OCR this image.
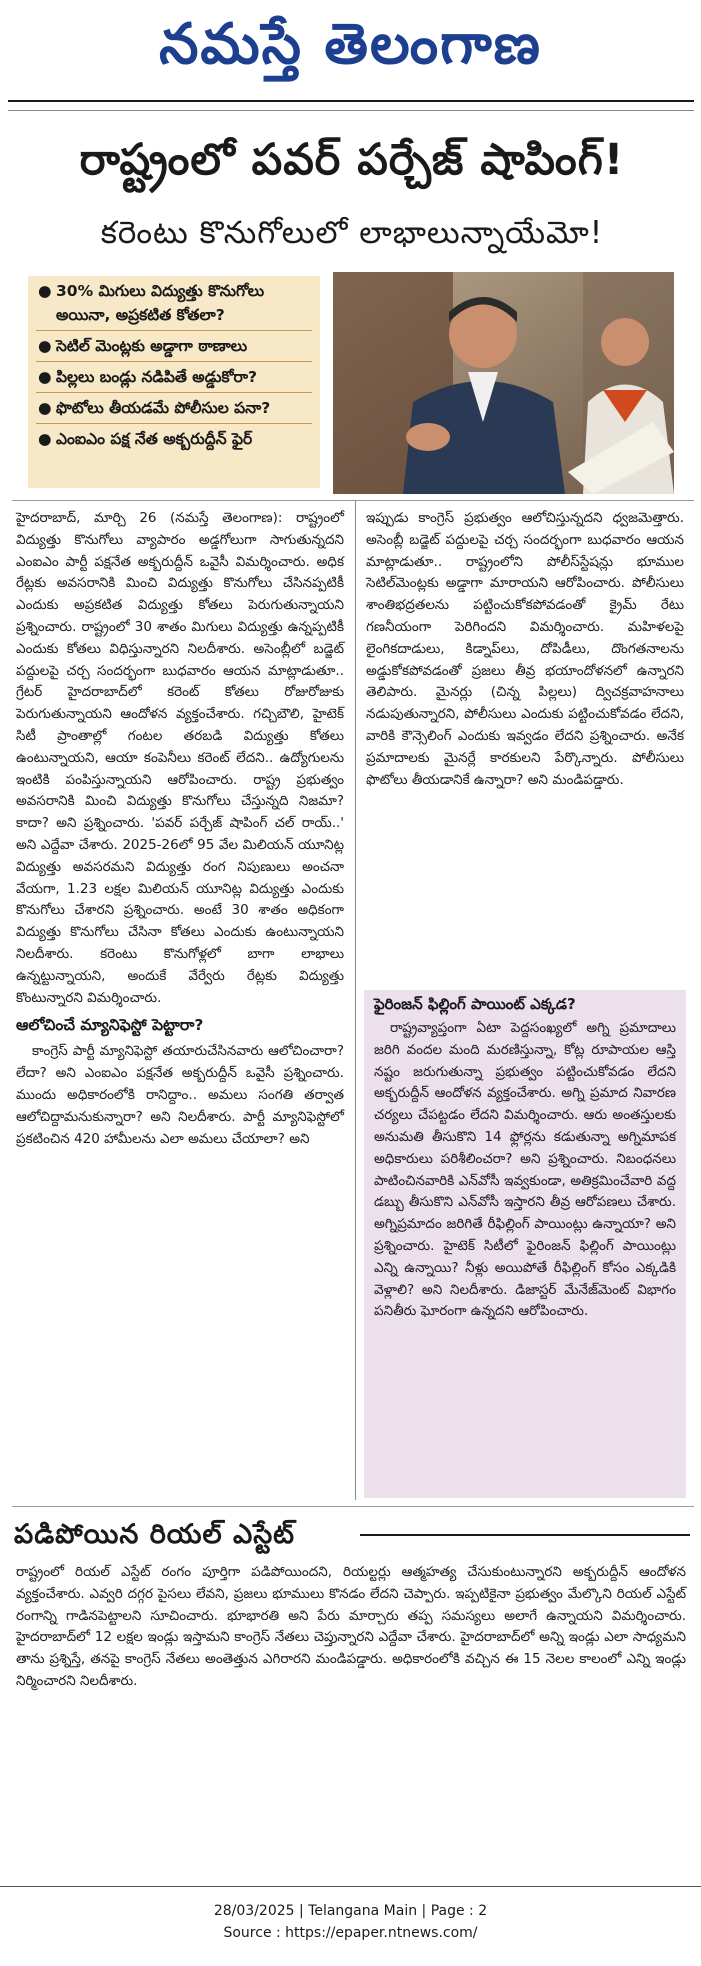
నమస్తే తెలంగాణ
రాష్ట్రంలో పవర్ పర్చేజ్ షాపింగ్!
కరెంటు కొనుగోలులో లాభాలున్నాయేమో!
● 30% మిగులు విద్యుత్తు కొనుగోలు అయినా, అప్రకటిత కోతలా?
● సెటిల్ మెంట్లకు అడ్డాగా ఠాణాలు
● పిల్లలు బండ్లు నడిపితే అడ్డుకోరా?
● ఫొటోలు తీయడమే పోలీసుల పనా?
● ఎంఐఎం పక్ష నేత అక్బరుద్దీన్ ఫైర్

హైదరాబాద్, మార్చి 26 (నమస్తే తెలంగాణ): రాష్ట్రంలో విద్యుత్తు కొనుగోలు వ్యాపారం అడ్డగోలుగా సాగుతున్నదని ఎంఐఎం పార్టీ పక్షనేత అక్బరుద్దీన్ ఒవైసీ విమర్శించారు. అధిక రేట్లకు అవసరానికి మించి విద్యుత్తు కొనుగోలు చేసినప్పటికీ ఎందుకు అప్రకటిత విద్యుత్తు కోతలు పెరుగుతున్నాయని ప్రశ్నించారు. రాష్ట్రంలో 30 శాతం మిగులు విద్యుత్తు ఉన్నప్పటికీ ఎందుకు కోతలు విధిస్తున్నారని నిలదీశారు. అసెంబ్లీలో బడ్జెట్ పద్దులపై చర్చ సందర్భంగా బుధవారం ఆయన మాట్లాడుతూ.. గ్రేటర్ హైదరాబాద్‌లో కరెంట్ కోతలు రోజురోజుకు పెరుగుతున్నాయని ఆందోళన వ్యక్తంచేశారు. గచ్చిబౌలి, హైటెక్ సిటీ ప్రాంతాల్లో గంటల తరబడి విద్యుత్తు కోతలు ఉంటున్నాయని, ఆయా కంపెనీలు కరెంట్ లేదని.. ఉద్యోగులను ఇంటికి పంపిస్తున్నాయని ఆరోపించారు. రాష్ట్ర ప్రభుత్వం అవసరానికి మించి విద్యుత్తు కొనుగోలు చేస్తున్నది నిజమా? కాదా? అని ప్రశ్నించారు. 'పవర్ పర్చేజ్ షాపింగ్ చల్ రాయ్..' అని ఎద్దేవా చేశారు. 2025-26లో 95 వేల మిలియన్ యూనిట్ల విద్యుత్తు అవసరమని విద్యుత్తు రంగ నిపుణులు అంచనా వేయగా, 1.23 లక్షల మిలియన్ యూనిట్ల విద్యుత్తు ఎందుకు కొనుగోలు చేశారని ప్రశ్నించారు. అంటే 30 శాతం అధికంగా విద్యుత్తు కొనుగోలు చేసినా కోతలు ఎందుకు ఉంటున్నాయని నిలదీశారు. కరెంటు కొనుగోళ్లలో బాగా లాభాలు ఉన్నట్టున్నాయని, అందుకే వేర్వేరు రేట్లకు విద్యుత్తు కొంటున్నారని విమర్శించారు.

ఆలోచించే మ్యానిఫెస్టో పెట్టారా?

కాంగ్రెస్ పార్టీ మ్యానిఫెస్టో తయారుచేసినవారు ఆలోచించారా? లేదా? అని ఎంఐఎం పక్షనేత అక్బరుద్దీన్ ఒవైసీ ప్రశ్నించారు. ముందు అధికారంలోకి రానిద్దాం.. అమలు సంగతి తర్వాత ఆలోచిద్దామనుకున్నారా? అని నిలదీశారు. పార్టీ మ్యానిఫెస్టోలో ప్రకటించిన 420 హామీలను ఎలా అమలు చేయాలా? అని

ఇప్పుడు కాంగ్రెస్ ప్రభుత్వం ఆలోచిస్తున్నదని ధ్వజమెత్తారు. అసెంబ్లీ బడ్జెట్ పద్దులపై చర్చ సందర్భంగా బుధవారం ఆయన మాట్లాడుతూ.. రాష్ట్రంలోని పోలీస్‌స్టేషన్లు భూముల సెటిల్‌మెంట్లకు అడ్డాగా మారాయని ఆరోపించారు. పోలీసులు శాంతిభద్రతలను పట్టించుకోకపోవడంతో క్రైమ్ రేటు గణనీయంగా పెరిగిందని విమర్శించారు. మహిళలపై లైంగికదాడులు, కిడ్నాప్‌లు, దోపిడీలు, దొంగతనాలను అడ్డుకోకపోవడంతో ప్రజలు తీవ్ర భయాందోళనలో ఉన్నారని తెలిపారు. మైనర్లు (చిన్న పిల్లలు) ద్విచక్రవాహనాలు నడుపుతున్నారని, పోలీసులు ఎందుకు పట్టించుకోవడం లేదని, వారికి కౌన్సెలింగ్ ఎందుకు ఇవ్వడం లేదని ప్రశ్నించారు. అనేక ప్రమాదాలకు మైనర్లే కారకులని పేర్కొన్నారు. పోలీసులు ఫొటోలు తీయడానికే ఉన్నారా? అని మండిపడ్డారు.

ఫైరింజన్ ఫిల్లింగ్ పాయింట్ ఎక్కడ?

రాష్ట్రవ్యాప్తంగా ఏటా పెద్దసంఖ్యలో అగ్ని ప్రమాదాలు జరిగి వందల మంది మరణిస్తున్నా, కోట్ల రూపాయల ఆస్తి నష్టం జరుగుతున్నా ప్రభుత్వం పట్టించుకోవడం లేదని అక్బరుద్దీన్ ఆందోళన వ్యక్తంచేశారు. అగ్ని ప్రమాద నివారణ చర్యలు చేపట్టడం లేదని విమర్శించారు. ఆరు అంతస్తులకు అనుమతి తీసుకొని 14 ఫ్లోర్లను కడుతున్నా అగ్నిమాపక అధికారులు పరిశీలించరా? అని ప్రశ్నించారు. నిబంధనలు పాటించినవారికి ఎన్‌వోసీ ఇవ్వకుండా, అతిక్రమించేవారి వద్ద డబ్బు తీసుకొని ఎన్‌వోసీ ఇస్తారని తీవ్ర ఆరోపణలు చేశారు. అగ్నిప్రమాదం జరిగితే రీఫిల్లింగ్ పాయింట్లు ఉన్నాయా? అని ప్రశ్నించారు. హైటెక్ సిటీలో ఫైరింజన్ ఫిల్లింగ్ పాయింట్లు ఎన్ని ఉన్నాయి? నీళ్లు అయిపోతే రీఫిల్లింగ్ కోసం ఎక్కడికి వెళ్లాలి? అని నిలదీశారు. డిజాస్టర్ మేనేజ్‌మెంట్ విభాగం పనితీరు ఘోరంగా ఉన్నదని ఆరోపించారు.

పడిపోయిన రియల్ ఎస్టేట్

రాష్ట్రంలో రియల్ ఎస్టేట్ రంగం పూర్తిగా పడిపోయిందని, రియల్టర్లు ఆత్మహత్య చేసుకుంటున్నారని అక్బరుద్దీన్ ఆందోళన వ్యక్తంచేశారు. ఎవ్వరి దగ్గర పైసలు లేవని, ప్రజలు భూములు కొనడం లేదని చెప్పారు. ఇప్పటికైనా ప్రభుత్వం మేల్కొని రియల్ ఎస్టేట్ రంగాన్ని గాడినపెట్టాలని సూచించారు. భూభారతి అని పేరు మార్చారు తప్ప సమస్యలు అలాగే ఉన్నాయని విమర్శించారు. హైదరాబాద్‌లో 12 లక్షల ఇండ్లు ఇస్తామని కాంగ్రెస్ నేతలు చెప్తున్నారని ఎద్దేవా చేశారు. హైదరాబాద్‌లో అన్ని ఇండ్లు ఎలా సాధ్యమని తాను ప్రశ్నిస్తే, తనపై కాంగ్రెస్ నేతలు అంతెత్తున ఎగిరారని మండిపడ్డారు. అధికారంలోకి వచ్చిన ఈ 15 నెలల కాలంలో ఎన్ని ఇండ్లు నిర్మించారని నిలదీశారు.

28/03/2025 | Telangana Main | Page : 2
Source : https://epaper.ntnews.com/
